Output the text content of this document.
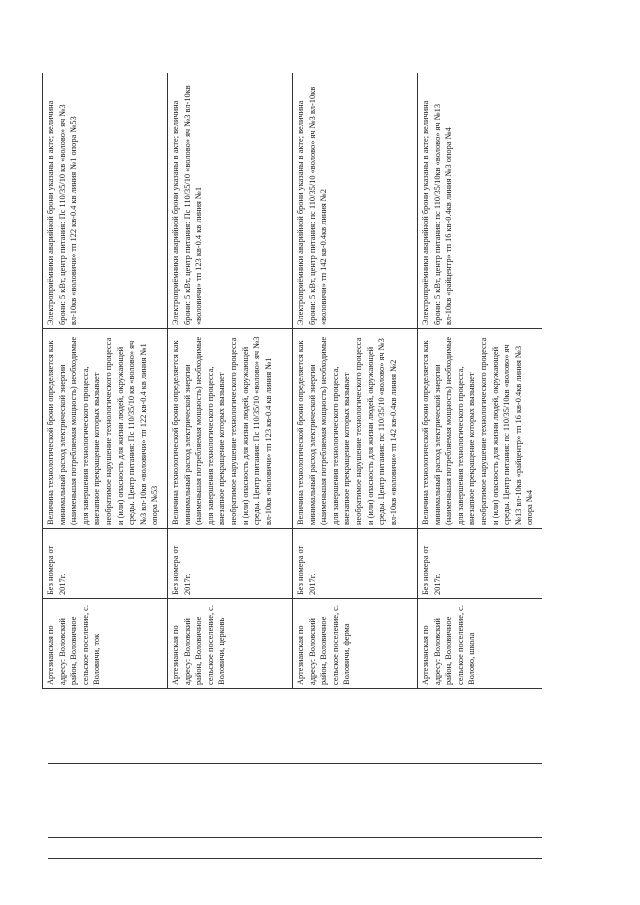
Артезианская по адресу: Воловский район, Воловичное сельское поселение, с. Воловичи, ток	Без номера от 2017г.	Величина технологической брони определяется как минимальный расход электрической энергии (наименьшая потребляемая мощность) необходимые для завершения технологического процесса, внезапное прекращение которых вызывает необратимое нарушение технологического процесса и (или) опасность для жизни людей, окружающей среды. Центр питания: Пс 110/35/10 кв «волово» яч №3 вл-10кв «воловичи» тп 122 кв-0.4 кв линия №1 опора №53	Электроприёмники аварийной брони указаны в акте; величина брони: 5 кВт, центр питания: Пс 110/35/10 кв «волово» яч №3 вл-10кв «воловичи» тп 122 кв-0.4 кв линия №1 опора №53

Артезианская по адресу: Воловский район, Воловичное сельское поселение, с. Воловичи, церковь	Без номера от 2017г.	Величина технологической брони определяется как минимальный расход электрической энергии (наименьшая потребляемая мощность) необходимые для завершения технологического процесса, внезапное прекращение которых вызывает необратимое нарушение технологического процесса и (или) опасность для жизни людей, окружающей среды. Центр питания: Пс 110/35/10 «волово» яч №3 вл-10кв «воловичи» тп 123 кв-0.4 кв линия №1	Электроприёмники аварийной брони указаны в акте; величина брони: 5 кВт, центр питания: Пс 110/35/10 «волово» яч №3 вл-10кв «воловичи» тп 123 кв-0.4 кв линия №1

Артезианская по адресу: Воловский район, Воловичное сельское поселение, с. Воловичи, ферма	Без номера от 2017г.	Величина технологической брони определяется как минимальный расход электрической энергии (наименьшая потребляемая мощность) необходимые для завершения технологического процесса, внезапное прекращение которых вызывает необратимое нарушение технологического процесса и (или) опасность для жизни людей, окружающей среды. Центр питания: пс 110/35/10 «волово» яч №3 вл-10кв «воловичи» тп 142 кв-0.4кв линия №2	Электроприёмники аварийной брони указаны в акте; величина брони: 5 кВт, центр питания: пс 110/35/10 «волово» яч №3 вл-10кв «воловичи» тп 142 кв-0.4кв линия №2

Артезианская по адресу: Воловский район, Воловичное сельское поселение, с. Волово, школа	Без номера от 2017г.	Величина технологической брони определяется как минимальный расход электрической энергии (наименьшая потребляемая мощность) необходимые для завершения технологического процесса, внезапное прекращение которых вызывает необратимое нарушение технологического процесса и (или) опасность для жизни людей, окружающей среды. Центр питания: пс 110/35/10кв «волово» яч №13 вл-10кв «райцентр» тп 16 кв-0.4кв линия №3 опора №4	Электроприёмники аварийной брони указаны в акте; величина брони: 5 кВт, центр питания: пс 110/35/10кв «волово» яч №13 вл-10кв «райцентр» тп 16 кв-0.4кв линия №3 опора №4
